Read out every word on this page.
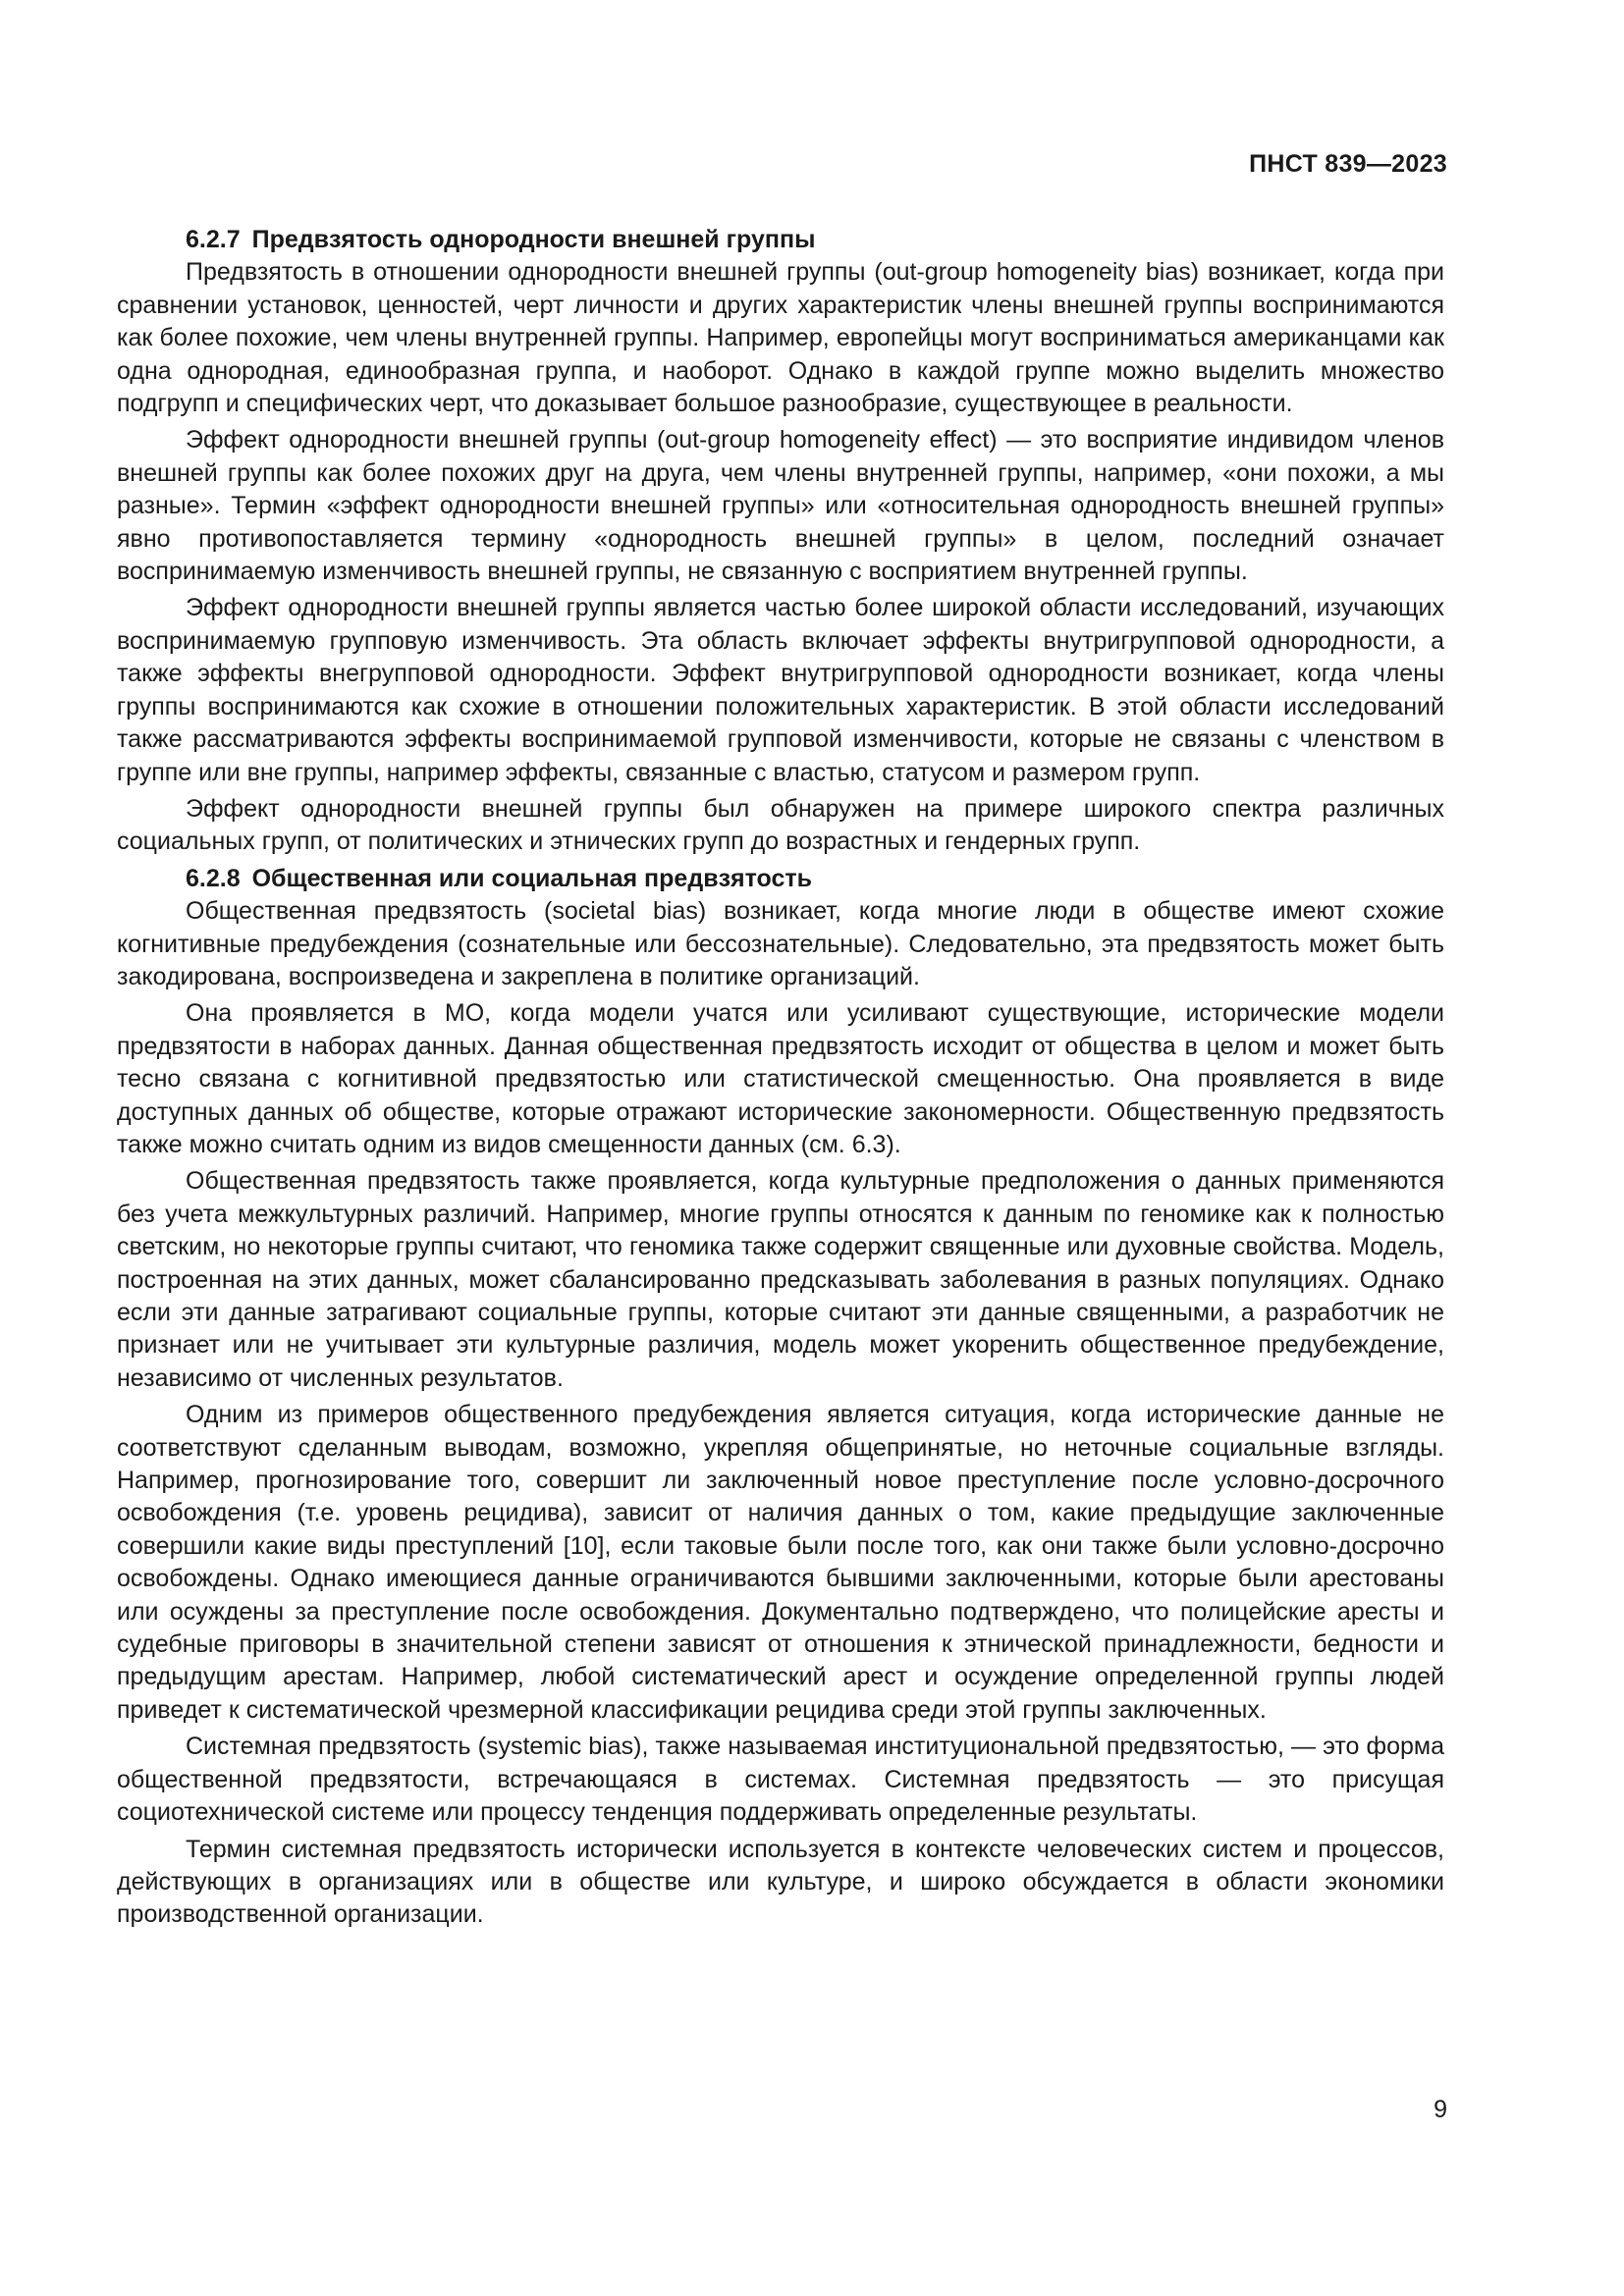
ПНСТ 839—2023
6.2.7 Предвзятость однородности внешней группы

Предвзятость в отношении однородности внешней группы (out-group homogeneity bias) возникает, когда при сравнении установок, ценностей, черт личности и других характеристик члены внешней группы воспринимаются как более похожие, чем члены внутренней группы. Например, европейцы могут восприниматься американцами как одна однородная, единообразная группа, и наоборот. Однако в каждой группе можно выделить множество подгрупп и специфических черт, что доказывает большое разнообразие, существующее в реальности.

Эффект однородности внешней группы (out-group homogeneity effect) — это восприятие индивидом членов внешней группы как более похожих друг на друга, чем члены внутренней группы, например, «они похожи, а мы разные». Термин «эффект однородности внешней группы» или «относительная однородность внешней группы» явно противопоставляется термину «однородность внешней группы» в целом, последний означает воспринимаемую изменчивость внешней группы, не связанную с восприятием внутренней группы.

Эффект однородности внешней группы является частью более широкой области исследований, изучающих воспринимаемую групповую изменчивость. Эта область включает эффекты внутригрупповой однородности, а также эффекты внегрупповой однородности. Эффект внутригрупповой однородности возникает, когда члены группы воспринимаются как схожие в отношении положительных характеристик. В этой области исследований также рассматриваются эффекты воспринимаемой групповой изменчивости, которые не связаны с членством в группе или вне группы, например эффекты, связанные с властью, статусом и размером групп.

Эффект однородности внешней группы был обнаружен на примере широкого спектра различных социальных групп, от политических и этнических групп до возрастных и гендерных групп.

6.2.8 Общественная или социальная предвзятость

Общественная предвзятость (societal bias) возникает, когда многие люди в обществе имеют схожие когнитивные предубеждения (сознательные или бессознательные). Следовательно, эта предвзятость может быть закодирована, воспроизведена и закреплена в политике организаций.

Она проявляется в МО, когда модели учатся или усиливают существующие, исторические модели предвзятости в наборах данных. Данная общественная предвзятость исходит от общества в целом и может быть тесно связана с когнитивной предвзятостью или статистической смещенностью. Она проявляется в виде доступных данных об обществе, которые отражают исторические закономерности. Общественную предвзятость также можно считать одним из видов смещенности данных (см. 6.3).

Общественная предвзятость также проявляется, когда культурные предположения о данных применяются без учета межкультурных различий. Например, многие группы относятся к данным по геномике как к полностью светским, но некоторые группы считают, что геномика также содержит священные или духовные свойства. Модель, построенная на этих данных, может сбалансированно предсказывать заболевания в разных популяциях. Однако если эти данные затрагивают социальные группы, которые считают эти данные священными, а разработчик не признает или не учитывает эти культурные различия, модель может укоренить общественное предубеждение, независимо от численных результатов.

Одним из примеров общественного предубеждения является ситуация, когда исторические данные не соответствуют сделанным выводам, возможно, укрепляя общепринятые, но неточные социальные взгляды. Например, прогнозирование того, совершит ли заключенный новое преступление после условно-досрочного освобождения (т.е. уровень рецидива), зависит от наличия данных о том, какие предыдущие заключенные совершили какие виды преступлений [10], если таковые были после того, как они также были условно-досрочно освобождены. Однако имеющиеся данные ограничиваются бывшими заключенными, которые были арестованы или осуждены за преступление после освобождения. Документально подтверждено, что полицейские аресты и судебные приговоры в значительной степени зависят от отношения к этнической принадлежности, бедности и предыдущим арестам. Например, любой систематический арест и осуждение определенной группы людей приведет к систематической чрезмерной классификации рецидива среди этой группы заключенных.

Системная предвзятость (systemic bias), также называемая институциональной предвзятостью, — это форма общественной предвзятости, встречающаяся в системах. Системная предвзятость — это присущая социотехнической системе или процессу тенденция поддерживать определенные результаты.

Термин системная предвзятость исторически используется в контексте человеческих систем и процессов, действующих в организациях или в обществе или культуре, и широко обсуждается в области экономики производственной организации.

9
